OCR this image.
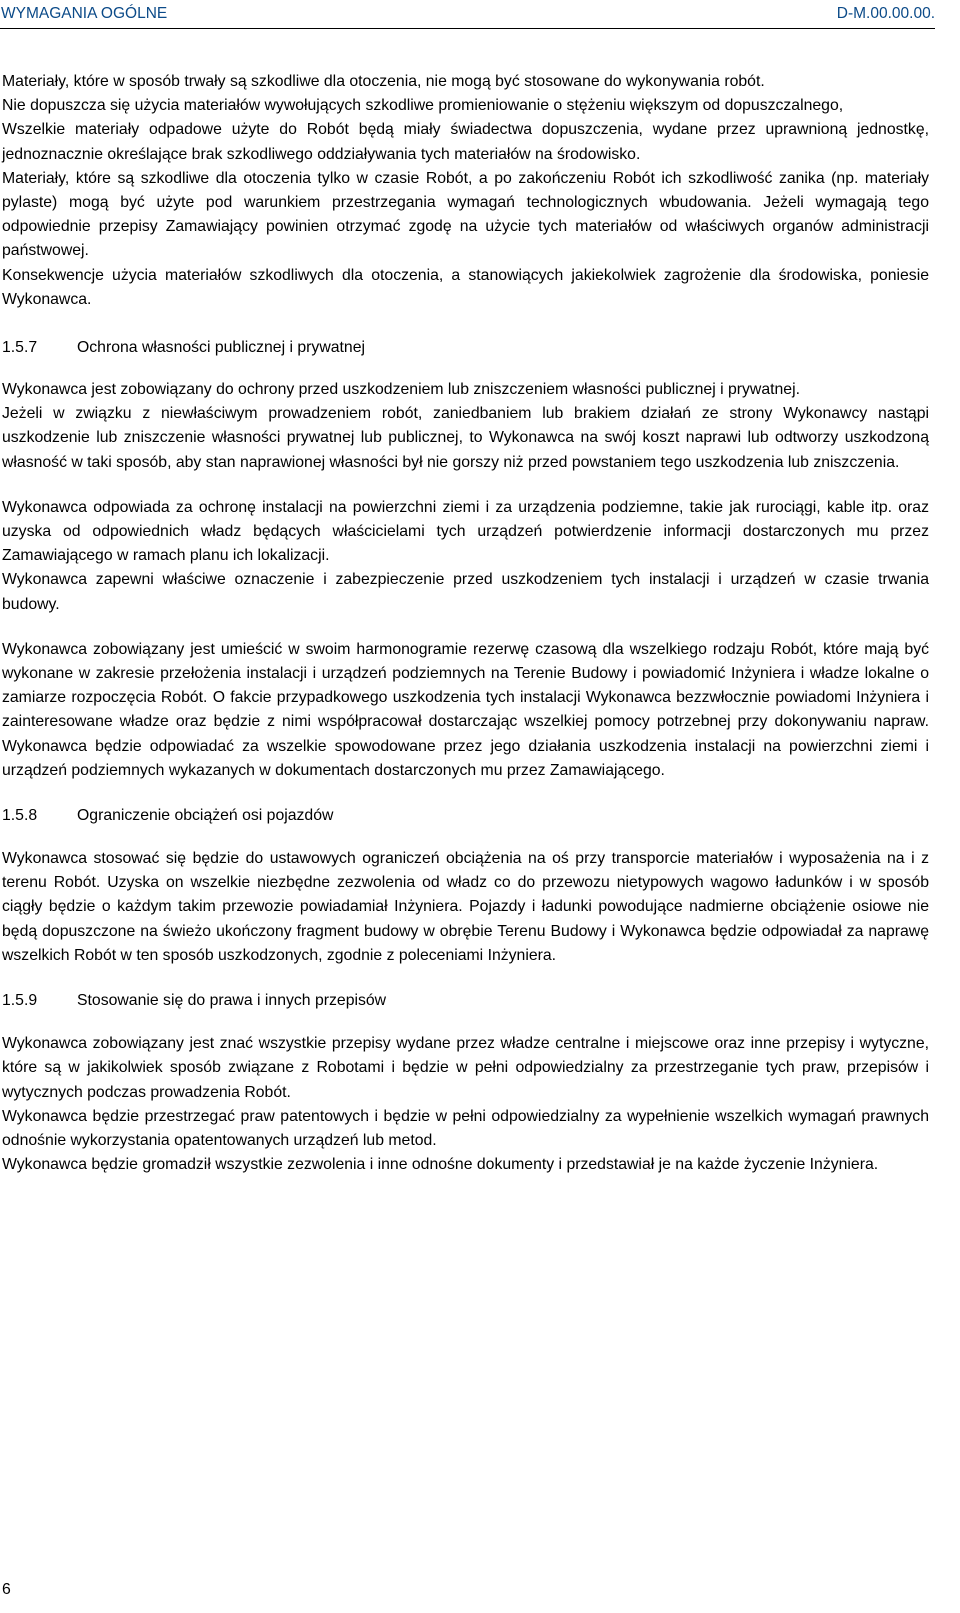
WYMAGANIA OGÓLNE	D-M.00.00.00.

Materiały, które w sposób trwały są szkodliwe dla otoczenia, nie mogą być stosowane do wykonywania robót.

Nie dopuszcza się użycia materiałów wywołujących szkodliwe promieniowanie o stężeniu większym od dopuszczalnego,

Wszelkie materiały odpadowe użyte do Robót będą miały świadectwa dopuszczenia, wydane przez uprawnioną jednostkę, jednoznacznie określające brak szkodliwego oddziaływania tych materiałów na środowisko.

Materiały, które są szkodliwe dla otoczenia tylko w czasie Robót, a po zakończeniu Robót ich szkodliwość zanika (np. materiały pylaste) mogą być użyte pod warunkiem przestrzegania wymagań technologicznych wbudowania. Jeżeli wymagają tego odpowiednie przepisy Zamawiający powinien otrzymać zgodę na użycie tych materiałów od właściwych organów administracji państwowej.

Konsekwencje użycia materiałów szkodliwych dla otoczenia, a stanowiących jakiekolwiek zagrożenie dla środowiska, poniesie Wykonawca.

1.5.7	Ochrona własności publicznej i prywatnej

Wykonawca jest zobowiązany do ochrony przed uszkodzeniem lub zniszczeniem własności publicznej i prywatnej.

Jeżeli w związku z niewłaściwym prowadzeniem robót, zaniedbaniem lub brakiem działań ze strony Wykonawcy nastąpi uszkodzenie lub zniszczenie własności prywatnej lub publicznej, to Wykonawca na swój koszt naprawi lub odtworzy uszkodzoną własność w taki sposób, aby stan naprawionej własności był nie gorszy niż przed powstaniem tego uszkodzenia lub zniszczenia.

Wykonawca odpowiada za ochronę instalacji na powierzchni ziemi i za urządzenia podziemne, takie jak rurociągi, kable itp. oraz uzyska od odpowiednich władz będących właścicielami tych urządzeń potwierdzenie informacji dostarczonych mu przez Zamawiającego w ramach planu ich lokalizacji.

Wykonawca zapewni właściwe oznaczenie i zabezpieczenie przed uszkodzeniem tych instalacji i urządzeń w czasie trwania budowy.

Wykonawca zobowiązany jest umieścić w swoim harmonogramie rezerwę czasową dla wszelkiego rodzaju Robót, które mają być wykonane w zakresie przełożenia instalacji i urządzeń podziemnych na Terenie Budowy i powiadomić Inżyniera i władze lokalne o zamiarze rozpoczęcia Robót. O fakcie przypadkowego uszkodzenia tych instalacji Wykonawca bezzwłocznie powiadomi Inżyniera i zainteresowane władze oraz będzie z nimi współpracował dostarczając wszelkiej pomocy potrzebnej przy dokonywaniu napraw. Wykonawca będzie odpowiadać za wszelkie spowodowane przez jego działania uszkodzenia instalacji na powierzchni ziemi i urządzeń podziemnych wykazanych w dokumentach dostarczonych mu przez Zamawiającego.

1.5.8	Ograniczenie obciążeń osi pojazdów

Wykonawca stosować się będzie do ustawowych ograniczeń obciążenia na oś przy transporcie materiałów i wyposażenia na i z terenu Robót. Uzyska on wszelkie niezbędne zezwolenia od władz co do przewozu nietypowych wagowo ładunków i w sposób ciągły będzie o każdym takim przewozie powiadamiał Inżyniera. Pojazdy i ładunki powodujące nadmierne obciążenie osiowe nie będą dopuszczone na świeżo ukończony fragment budowy w obrębie Terenu Budowy i Wykonawca będzie odpowiadał za naprawę wszelkich Robót w ten sposób uszkodzonych, zgodnie z poleceniami Inżyniera.

1.5.9	Stosowanie się do prawa i innych przepisów

Wykonawca zobowiązany jest znać wszystkie przepisy wydane przez władze centralne i miejscowe oraz inne przepisy i wytyczne, które są w jakikolwiek sposób związane z Robotami i będzie w pełni odpowiedzialny za przestrzeganie tych praw, przepisów i wytycznych podczas prowadzenia Robót.

Wykonawca będzie przestrzegać praw patentowych i będzie w pełni odpowiedzialny za wypełnienie wszelkich wymagań prawnych odnośnie wykorzystania opatentowanych urządzeń lub metod.

Wykonawca będzie gromadził wszystkie zezwolenia i inne odnośne dokumenty i przedstawiał je na każde życzenie Inżyniera.

6
